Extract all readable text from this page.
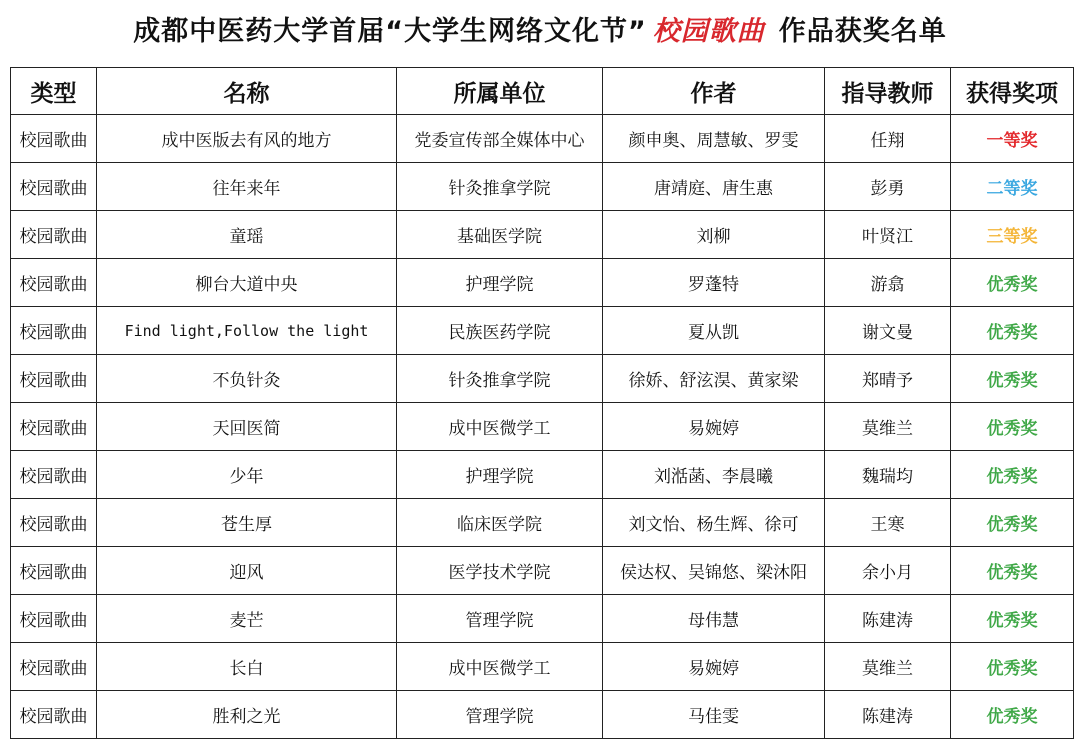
成都中医药大学首届“大学生网络文化节” 校园歌曲 作品获奖名单
类型	名称	所属单位	作者	指导教师	获得奖项
校园歌曲	成中医版去有风的地方	党委宣传部全媒体中心	颜申奥、周慧敏、罗雯	任翔	一等奖
校园歌曲	往年来年	针灸推拿学院	唐靖庭、唐生惠	彭勇	二等奖
校园歌曲	童瑶	基础医学院	刘柳	叶贤江	三等奖
校园歌曲	柳台大道中央	护理学院	罗蓬特	游翕	优秀奖
校园歌曲	Find light,Follow the light	民族医药学院	夏从凯	谢文曼	优秀奖
校园歌曲	不负针灸	针灸推拿学院	徐娇、舒泫淏、黄家梁	郑晴予	优秀奖
校园歌曲	天回医简	成中医微学工	易婉婷	莫维兰	优秀奖
校园歌曲	少年	护理学院	刘湉菡、李晨曦	魏瑞均	优秀奖
校园歌曲	苍生厚	临床医学院	刘文怡、杨生辉、徐可	王寒	优秀奖
校园歌曲	迎风	医学技术学院	侯达权、吴锦悠、梁沐阳	余小月	优秀奖
校园歌曲	麦芒	管理学院	母伟慧	陈建涛	优秀奖
校园歌曲	长白	成中医微学工	易婉婷	莫维兰	优秀奖
校园歌曲	胜利之光	管理学院	马佳雯	陈建涛	优秀奖
